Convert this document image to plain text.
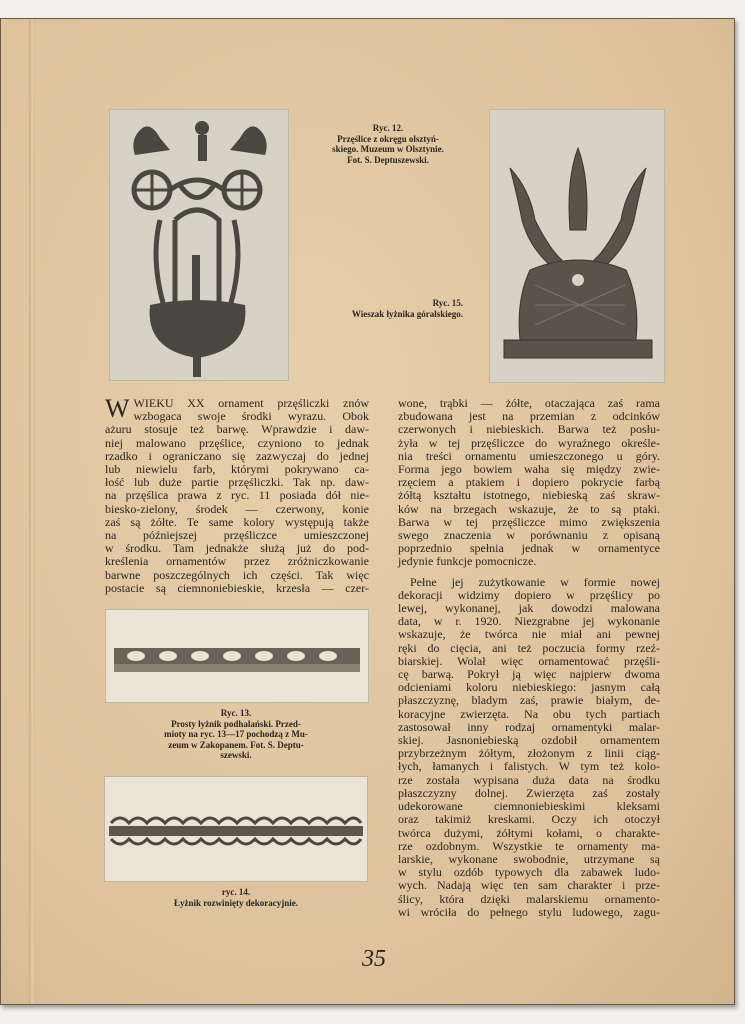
Ryc. 12.
Przęślice z okręgu olsztyń-
skiego. Muzeum w Olsztynie.
Fot. S. Deptuszewski.
Ryc. 15.
Wieszak łyżnika góralskiego.
W WIEKU XX ornament przęśliczki znów
wzbogaca swoje środki wyrazu. Obok
ażuru stosuje też barwę. Wprawdzie i daw-
niej malowano przęślice, czyniono to jednak
rzadko i ograniczano się zazwyczaj do jednej
lub niewielu farb, którymi pokrywano ca-
łość lub duże partie przęśliczki. Tak np. daw-
na przęślica prawa z ryc. 11 posiada dół nie-
biesko-zielony, środek — czerwony, konie
zaś są żółte. Te same kolory występują także
na późniejszej przęśliczce umieszczonej
w środku. Tam jednakże służą już do pod-
kreślenia ornamentów przez zróżniczkowanie
barwne poszczególnych ich części. Tak więc
postacie są ciemnoniebieskie, krzesła — czer-
Ryc. 13.
Prosty łyżnik podhalański. Przed-
mioty na ryc. 13—17 pochodzą z Mu-
zeum w Zakopanem. Fot. S. Deptu-
szewski.
ryc. 14.
Łyżnik rozwinięty dekoracyjnie.
wone, trąbki — żółte, otaczająca zaś rama
zbudowana jest na przemian z odcinków
czerwonych i niebieskich. Barwa też posłu-
żyła w tej przęśliczce do wyraźnego określe-
nia treści ornamentu umieszczonego u góry.
Forma jego bowiem waha się między zwie-
rzęciem a ptakiem i dopiero pokrycie farbą
żółtą kształtu istotnego, niebieską zaś skraw-
ków na brzegach wskazuje, że to są ptaki.
Barwa w tej przęśliczce mimo zwiększenia
swego znaczenia w porównaniu z opisaną
poprzednio spełnia jednak w ornamentyce
jedynie funkcje pomocnicze.
Pełne jej zużytkowanie w formie nowej
dekoracji widzimy dopiero w przęślicy po
lewej, wykonanej, jak dowodzi malowana
data, w r. 1920. Niezgrabne jej wykonanie
wskazuje, że twórca nie miał ani pewnej
ręki do cięcia, ani też poczucia formy rzeź-
biarskiej. Wolał więc ornamentować przęśli-
cę barwą. Pokrył ją więc najpierw dwoma
odcieniami koloru niebieskiego: jasnym całą
płaszczyznę, bladym zaś, prawie białym, de-
koracyjne zwierzęta. Na obu tych partiach
zastosował inny rodzaj ornamentyki malar-
skiej. Jasnoniebieską ozdobił ornamentem
przybrzeżnym żółtym, złożonym z linii ciąg-
łych, łamanych i falistych. W tym też kolo-
rze została wypisana duża data na środku
płaszczyzny dolnej. Zwierzęta zaś zostały
udekorowane ciemnoniebieskimi kleksami
oraz takimiż kreskami. Oczy ich otoczył
twórca dużymi, żółtymi kołami, o charakte-
rze ozdobnym. Wszystkie te ornamenty ma-
larskie, wykonane swobodnie, utrzymane są
w stylu ozdób typowych dla zabawek ludo-
wych. Nadają więc ten sam charakter i prze-
ślicy, która dzięki malarskiemu ornamento-
wi wróciła do pełnego stylu ludowego, zagu-
35
